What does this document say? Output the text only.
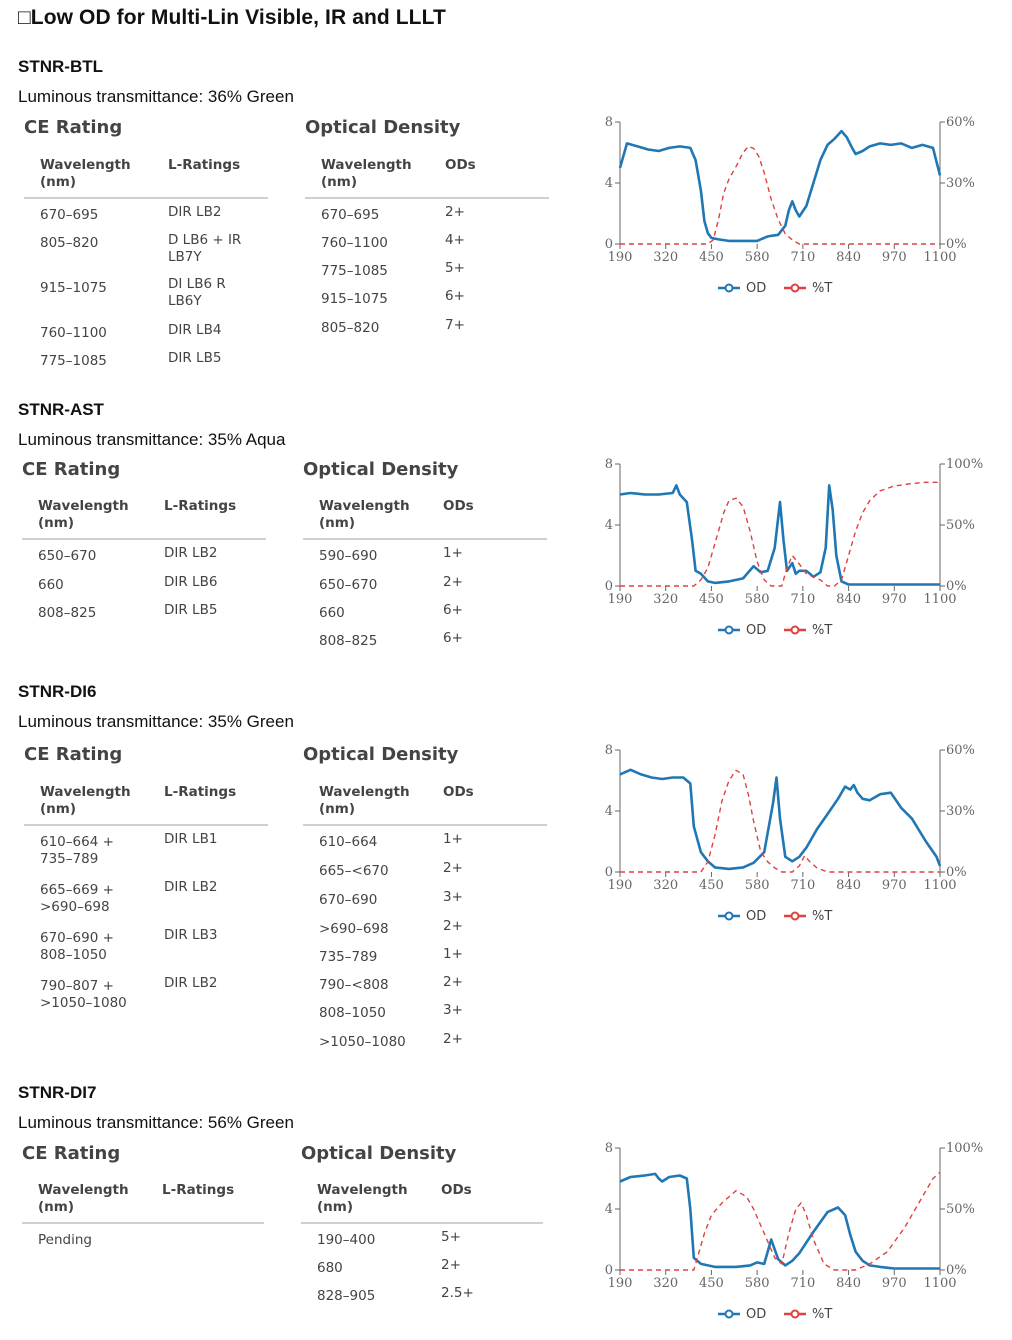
□Low OD for Multi-Lin Visible, IR and LLLT
STNR-BTL
Luminous transmittance: 36% Green
CE Rating	Optical Density
Wavelength (nm)
L-Ratings
670–695	DIR LB2
805–820	D LB6 + IR LB7Y
915–1075	DI LB6 R LB6Y
760–1100	DIR LB4
775–1085	DIR LB5
Wavelength (nm)
ODs
670–695	2+
760–1100	4+
775–1085	5+
915–1075	6+
805–820	7+
STNR-AST
Luminous transmittance: 35% Aqua
CE Rating	Optical Density
Wavelength (nm)
L-Ratings
650–670	DIR LB2
660	DIR LB6
808–825	DIR LB5
Wavelength (nm)
ODs
590–690	1+
650–670	2+
660	6+
808–825	6+
STNR-DI6
Luminous transmittance: 35% Green
CE Rating	Optical Density
Wavelength (nm)
L-Ratings
610–664 + 735–789
DIR LB1
665–669 + >690–698
DIR LB2
670–690 + 808–1050
DIR LB3
790–807 + >1050–1080
DIR LB2
Wavelength (nm)
ODs
610–664	1+
665–<670	2+
670–690	3+
>690–698	2+
735–789	1+
790–<808	2+
808–1050	3+
>1050–1080	2+
STNR-DI7
Luminous transmittance: 56% Green
CE Rating	Optical Density
Wavelength (nm)
L-Ratings
Pending
Wavelength (nm)
ODs
190–400	5+
680	2+
828–905	2.5+
0
4
8
0%
30%
60%
190 320 450 580 710 840 970 1100
OD	%T
0
4
8
0%
50%
100%
190 320 450 580 710 840 970 1100
OD	%T
0
4
8
0%
30%
60%
190 320 450 580 710 840 970 1100
OD	%T
0
4
8
0%
50%
100%
190 320 450 580 710 840 970 1100
OD	%T
